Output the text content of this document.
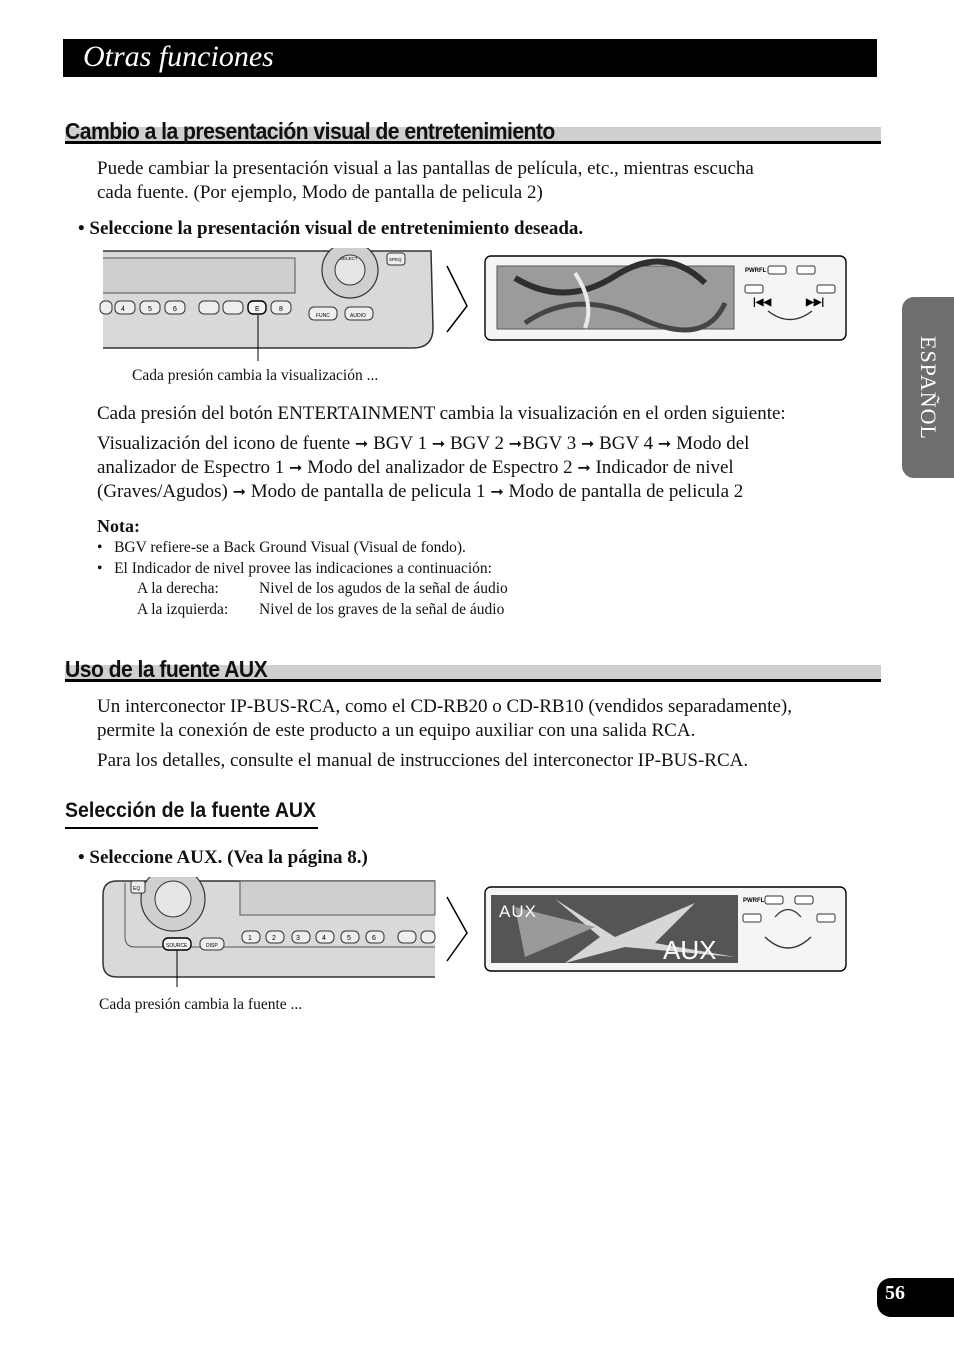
Otras funciones
ESPAÑOL
Cambio a la presentación visual de entretenimiento
Puede cambiar la presentación visual a las pantallas de película, etc., mientras escucha
cada fuente. (Por ejemplo, Modo de pantalla de pelicula 2)
• Seleccione la presentación visual de entretenimiento deseada.
4	5	6	E	8
FUNC	AUDIO
SELECT	SPEQ
PWRFL
|◀◀	▶▶|
Cada presión cambia la visualización ...
Cada presión del botón ENTERTAINMENT cambia la visualización en el orden siguiente:
Visualización del icono de fuente ➞ BGV 1 ➞ BGV 2 ➞BGV 3 ➞ BGV 4 ➞ Modo del
analizador de Espectro 1 ➞ Modo del analizador de Espectro 2 ➞ Indicador de nivel
(Graves/Agudos) ➞ Modo de pantalla de pelicula 1 ➞ Modo de pantalla de pelicula 2
Nota:
•   BGV refiere-se a Back Ground Visual (Visual de fondo).
•   El Indicador de nivel provee las indicaciones a continuación:
A la derecha:	Nivel de los agudos de la señal de áudio
A la izquierda: Nivel de los graves de la señal de áudio
Uso de la fuente AUX
Un interconector IP-BUS-RCA, como el CD-RB20 o CD-RB10 (vendidos separadamente),
permite la conexión de este producto a un equipo auxiliar con una salida RCA.
Para los detalles, consulte el manual de instrucciones del interconector IP-BUS-RCA.
Selección de la fuente AUX
• Seleccione AUX. (Vea la página 8.)
EQ
1	2	3	4	5	6
SOURCE	DISP
AUX
AUX
PWRFL
Cada presión cambia la fuente ...
56
